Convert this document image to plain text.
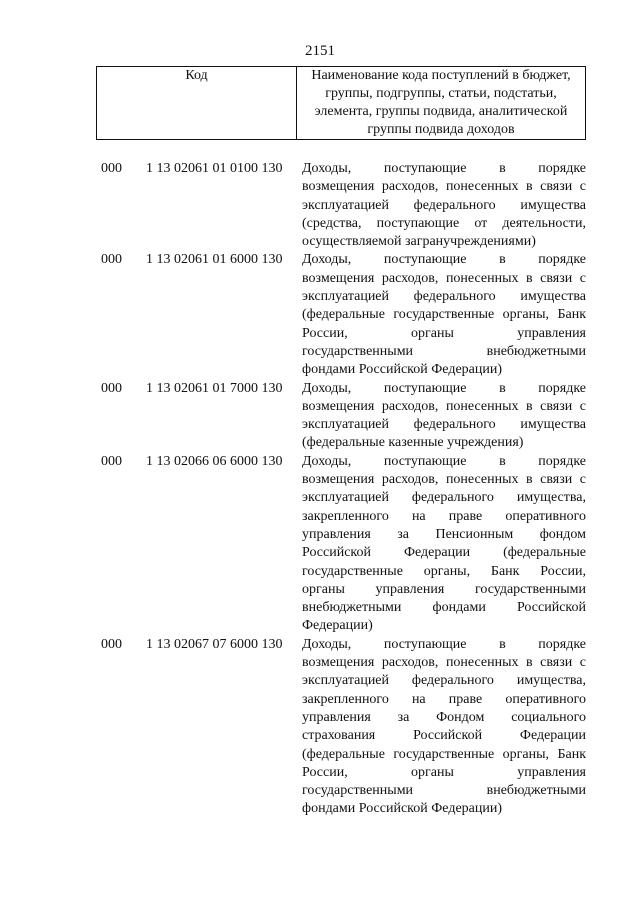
2151
Код	Наименование кода поступлений в бюджет,
группы, подгруппы, статьи, подстатьи,
элемента, группы подвида, аналитической
группы подвида доходов
000 1 13 02061 01 0100 130 Доходы, поступающие в порядке
возмещения расходов, понесенных в связи с
эксплуатацией федерального имущества
(средства, поступающие от деятельности,
осуществляемой загранучреждениями)
000 1 13 02061 01 6000 130 Доходы, поступающие в порядке
возмещения расходов, понесенных в связи с
эксплуатацией федерального имущества
(федеральные государственные органы, Банк
России, органы управления
государственными внебюджетными
фондами Российской Федерации)
000 1 13 02061 01 7000 130 Доходы, поступающие в порядке
возмещения расходов, понесенных в связи с
эксплуатацией федерального имущества
(федеральные казенные учреждения)
000 1 13 02066 06 6000 130 Доходы, поступающие в порядке
возмещения расходов, понесенных в связи с
эксплуатацией федерального имущества,
закрепленного на праве оперативного
управления за Пенсионным фондом
Российской Федерации (федеральные
государственные органы, Банк России,
органы управления государственными
внебюджетными фондами Российской
Федерации)
000 1 13 02067 07 6000 130 Доходы, поступающие в порядке
возмещения расходов, понесенных в связи с
эксплуатацией федерального имущества,
закрепленного на праве оперативного
управления за Фондом социального
страхования Российской Федерации
(федеральные государственные органы, Банк
России, органы управления
государственными внебюджетными
фондами Российской Федерации)
